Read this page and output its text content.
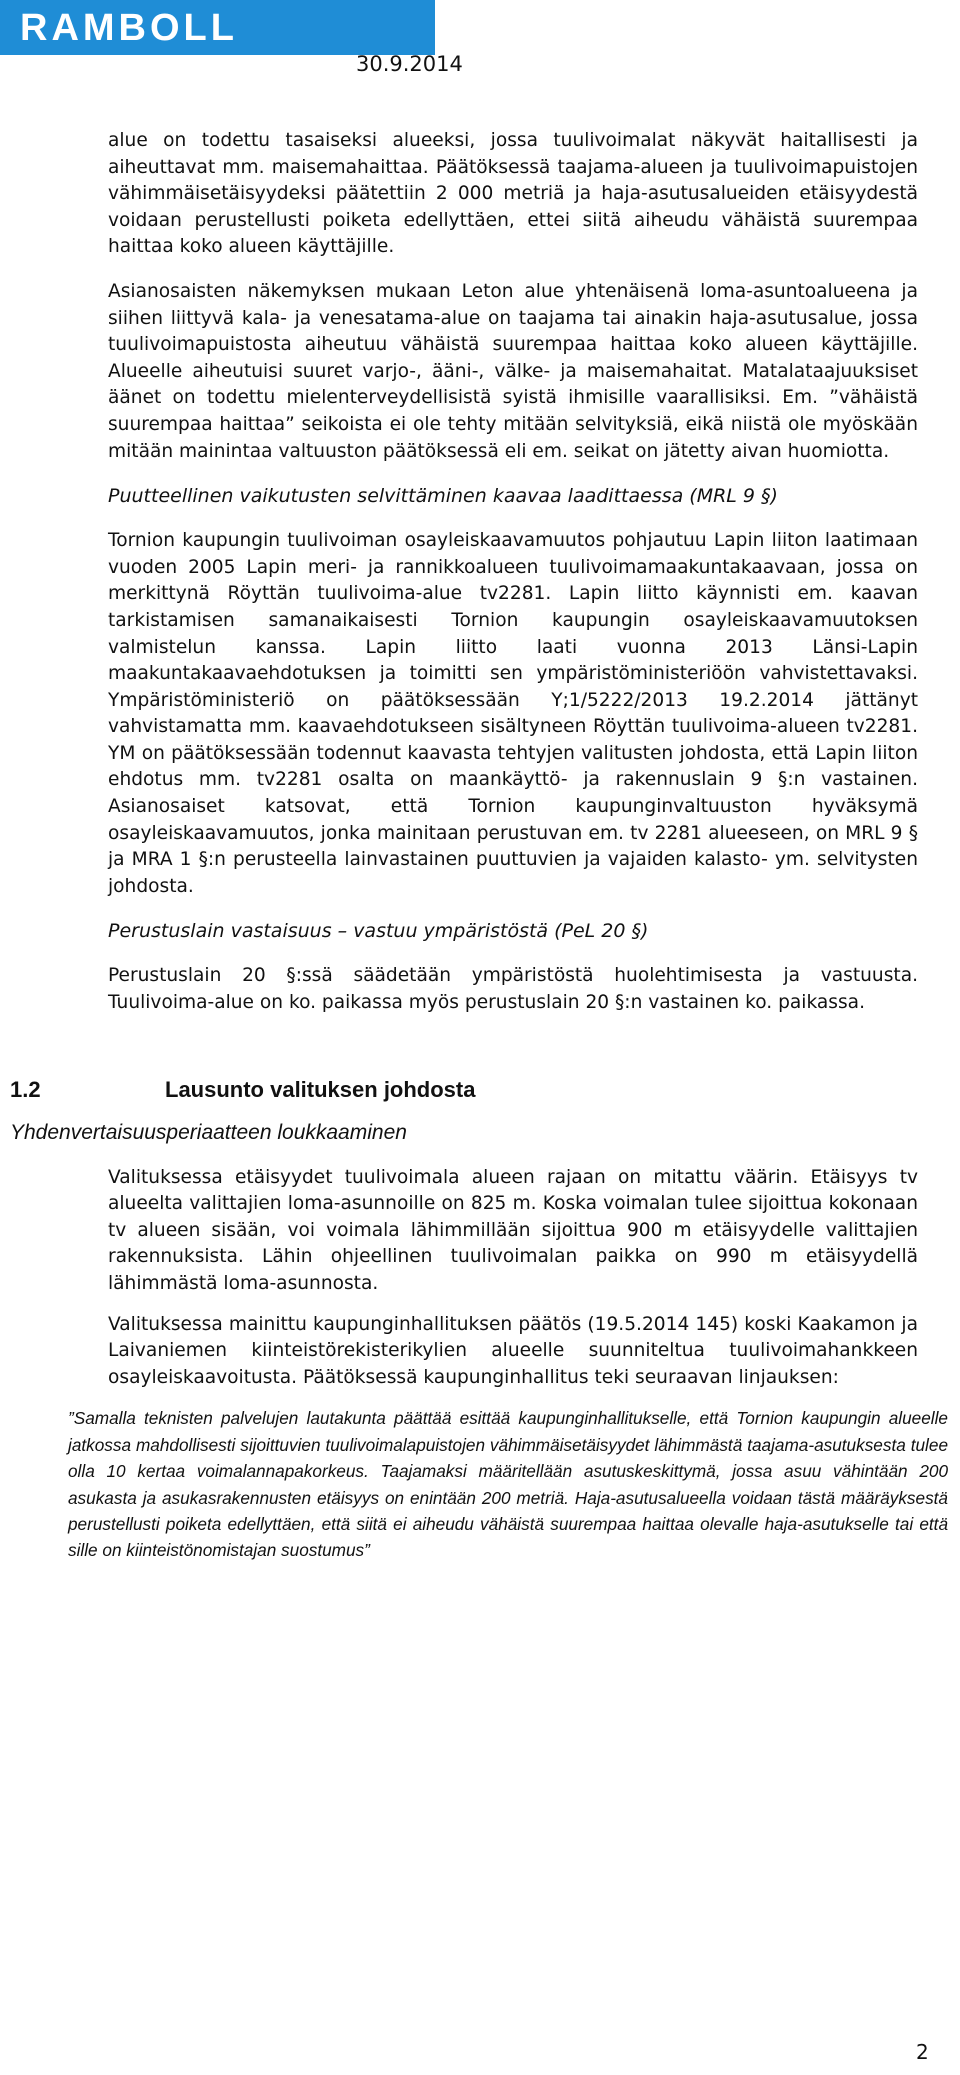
RAMBOLL
30.9.2014

alue on todettu tasaiseksi alueeksi, jossa tuulivoimalat näkyvät haitallisesti ja aiheuttavat mm. maisemahaittaa. Päätöksessä taajama-alueen ja tuulivoimapuistojen vähimmäisetäisyydeksi päätettiin 2 000 metriä ja haja-asutusalueiden etäisyydestä voidaan perustellusti poiketa edellyttäen, ettei siitä aiheudu vähäistä suurempaa haittaa koko alueen käyttäjille.

Asianosaisten näkemyksen mukaan Leton alue yhtenäisenä loma-asuntoalueena ja siihen liittyvä kala- ja venesatama-alue on taajama tai ainakin haja-asutusalue, jossa tuulivoimapuistosta aiheutuu vähäistä suurempaa haittaa koko alueen käyttäjille. Alueelle aiheutuisi suuret varjo-, ääni-, välke- ja maisemahaitat. Matalataajuuksiset äänet on todettu mielenterveydellisistä syistä ihmisille vaarallisiksi. Em. ”vähäistä suurempaa haittaa” seikoista ei ole tehty mitään selvityksiä, eikä niistä ole myöskään mitään mainintaa valtuuston päätöksessä eli em. seikat on jätetty aivan huomiotta.

Puutteellinen vaikutusten selvittäminen kaavaa laadittaessa (MRL 9 §)

Tornion kaupungin tuulivoiman osayleiskaavamuutos pohjautuu Lapin liiton laatimaan vuoden 2005 Lapin meri- ja rannikkoalueen tuulivoimamaakuntakaavaan, jossa on merkittynä Röyttän tuulivoima-alue tv2281. Lapin liitto käynnisti em. kaavan tarkistamisen samanaikaisesti Tornion kaupungin osayleiskaavamuutoksen valmistelun kanssa. Lapin liitto laati vuonna 2013 Länsi-Lapin maakuntakaavaehdotuksen ja toimitti sen ympäristöministeriöön vahvistettavaksi. Ympäristöministeriö on päätöksessään Y;1/5222/2013 19.2.2014 jättänyt vahvistamatta mm. kaavaehdotukseen sisältyneen Röyttän tuulivoima-alueen tv2281. YM on päätöksessään todennut kaavasta tehtyjen valitusten johdosta, että Lapin liiton ehdotus mm. tv2281 osalta on maankäyttö- ja rakennuslain 9 §:n vastainen. Asianosaiset katsovat, että Tornion kaupunginvaltuuston hyväksymä osayleiskaavamuutos, jonka mainitaan perustuvan em. tv 2281 alueeseen, on MRL 9 § ja MRA 1 §:n perusteella lainvastainen puuttuvien ja vajaiden kalasto- ym. selvitysten johdosta.

Perustuslain vastaisuus – vastuu ympäristöstä (PeL 20 §)

Perustuslain 20 §:ssä säädetään ympäristöstä huolehtimisesta ja vastuusta. Tuulivoima-alue on ko. paikassa myös perustuslain 20 §:n vastainen ko. paikassa.

1.2	Lausunto valituksen johdosta
Yhdenvertaisuusperiaatteen loukkaaminen

Valituksessa etäisyydet tuulivoimala alueen rajaan on mitattu väärin. Etäisyys tv alueelta valittajien loma-asunnoille on 825 m. Koska voimalan tulee sijoittua kokonaan tv alueen sisään, voi voimala lähimmillään sijoittua 900 m etäisyydelle valittajien rakennuksista. Lähin ohjeellinen tuulivoimalan paikka on 990 m etäisyydellä lähimmästä loma-asunnosta.

Valituksessa mainittu kaupunginhallituksen päätös (19.5.2014 145) koski Kaakamon ja Laivaniemen kiinteistörekisterikylien alueelle suunniteltua tuulivoimahankkeen osayleiskaavoitusta. Päätöksessä kaupunginhallitus teki seuraavan linjauksen:

”Samalla teknisten palvelujen lautakunta päättää esittää kaupunginhallitukselle, että Tornion kaupungin alueelle jatkossa mahdollisesti sijoittuvien tuulivoimalapuistojen vähimmäisetäisyydet lähimmästä taajama-asutuksesta tulee olla 10 kertaa voimalannapakorkeus. Taajamaksi määritellään asutuskeskittymä, jossa asuu vähintään 200 asukasta ja asukasrakennusten etäisyys on enintään 200 metriä. Haja-asutusalueella voidaan tästä määräyksestä perustellusti poiketa edellyttäen, että siitä ei aiheudu vähäistä suurempaa haittaa olevalle haja-asutukselle tai että sille on kiinteistönomistajan suostumus”
2
